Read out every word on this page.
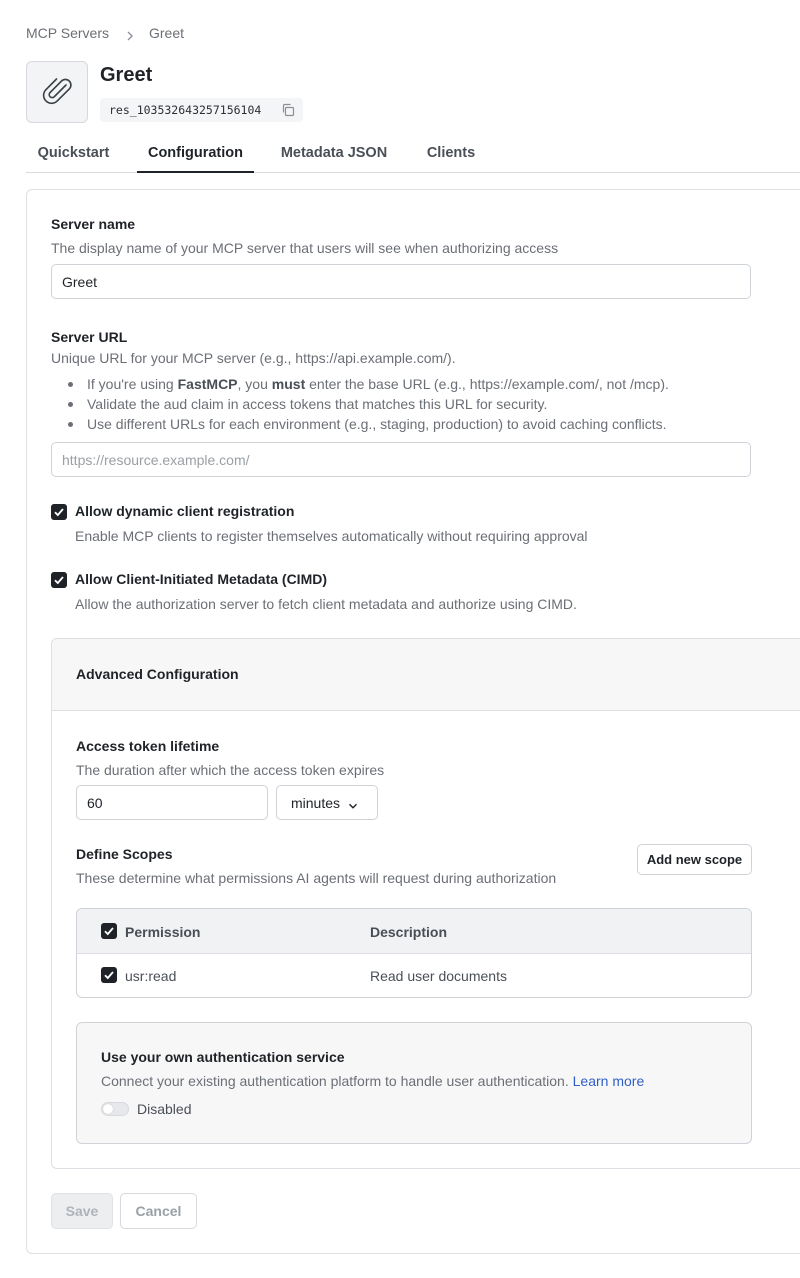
MCP Servers	Greet
Greet
res_103532643257156104
Quickstart	Configuration	Metadata JSON	Clients
Server name
The display name of your MCP server that users will see when authorizing access
Greet
Server URL
Unique URL for your MCP server (e.g., https://api.example.com/).
If you're using FastMCP, you must enter the base URL (e.g., https://example.com/, not /mcp).
Validate the aud claim in access tokens that matches this URL for security.
Use different URLs for each environment (e.g., staging, production) to avoid caching conflicts.
https://resource.example.com/
Allow dynamic client registration
Enable MCP clients to register themselves automatically without requiring approval
Allow Client-Initiated Metadata (CIMD)
Allow the authorization server to fetch client metadata and authorize using CIMD.
Advanced Configuration
Access token lifetime
The duration after which the access token expires
60	minutes
Define Scopes
These determine what permissions AI agents will request during authorization
Add new scope
Permission	Description
usr:read	Read user documents
Use your own authentication service
Connect your existing authentication platform to handle user authentication. Learn more
Disabled
Save	Cancel
